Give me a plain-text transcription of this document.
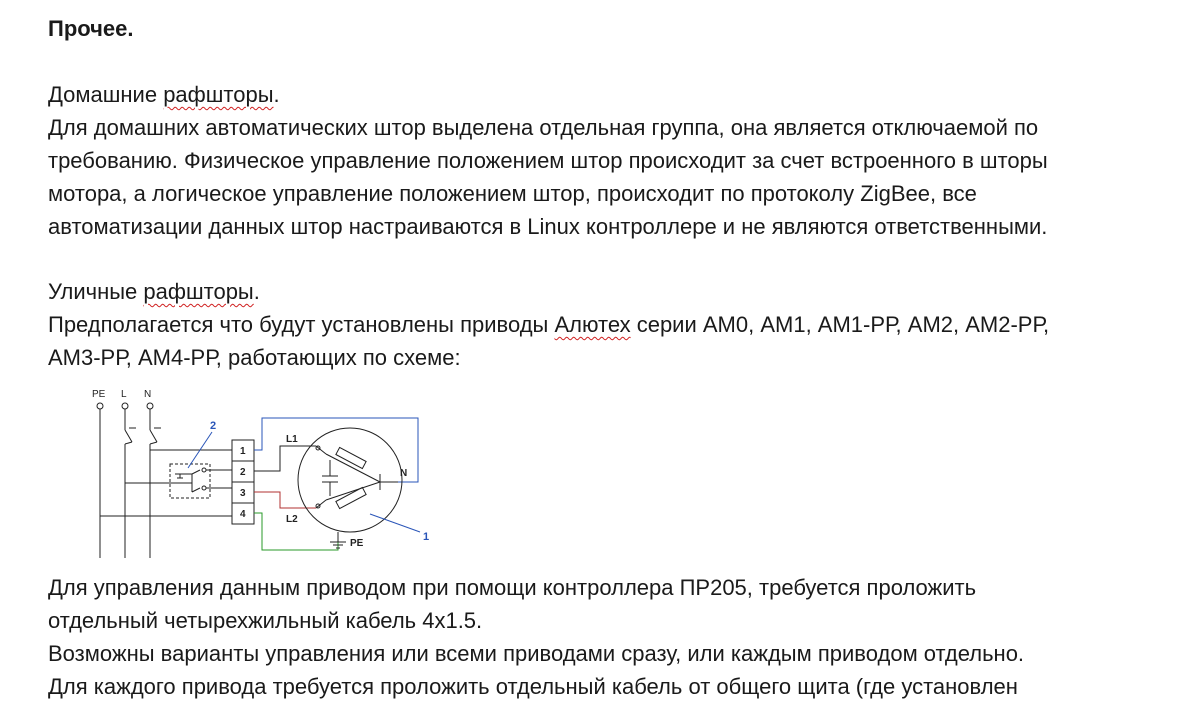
Прочее.
Домашние рафшторы.
Для домашних автоматических штор выделена отдельная группа, она является отключаемой по
требованию. Физическое управление положением штор происходит за счет встроенного в шторы
мотора, а логическое управление положением штор, происходит по протоколу ZigBee, все
автоматизации данных штор настраиваются в Linux контроллере и не являются ответственными.
Уличные рафшторы.
Предполагается что будут установлены приводы Алютех серии АМ0, АМ1, АМ1-РР, АМ2, АМ2-РР,
АМ3-РР, АМ4-РР, работающих по схеме:
PE L N
2
1
2
3
4
L1
L2
N
PE
1
Для управления данным приводом при помощи контроллера ПР205, требуется проложить
отдельный четырехжильный кабель 4х1.5.
Возможны варианты управления или всеми приводами сразу, или каждым приводом отдельно.
Для каждого привода требуется проложить отдельный кабель от общего щита (где установлен
